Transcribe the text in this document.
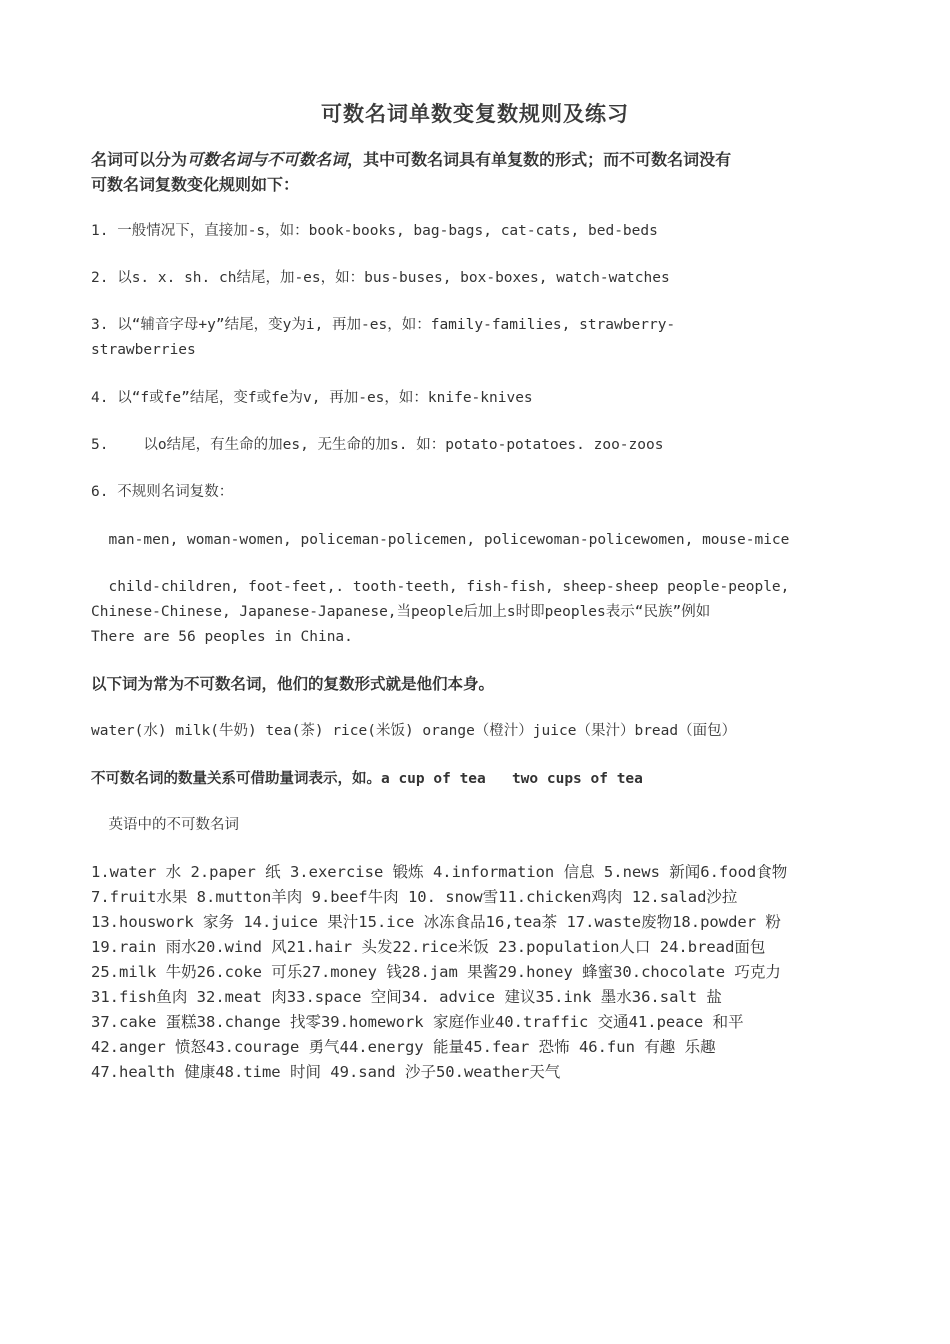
可数名词单数变复数规则及练习
名词可以分为可数名词与不可数名词，其中可数名词具有单复数的形式；而不可数名词没有
可数名词复数变化规则如下：
1. 一般情况下，直接加-s，如：book-books, bag-bags, cat-cats, bed-beds
2. 以s. x. sh. ch结尾，加-es，如：bus-buses, box-boxes, watch-watches
3. 以“辅音字母+y”结尾，变y为i, 再加-es，如：family-families, strawberry-
strawberries
4. 以“f或fe”结尾，变f或fe为v, 再加-es，如：knife-knives
5.    以o结尾，有生命的加es, 无生命的加s. 如：potato-potatoes. zoo-zoos
6. 不规则名词复数：
man-men, woman-women, policeman-policemen, policewoman-policewomen, mouse-mice
child-children, foot-feet,. tooth-teeth, fish-fish, sheep-sheep people-people,
Chinese-Chinese, Japanese-Japanese,当people后加上s时即peoples表示“民族”例如
There are 56 peoples in China.
以下词为常为不可数名词，他们的复数形式就是他们本身。
water(水) milk(牛奶) tea(茶) rice(米饭) orange（橙汁）juice（果汁）bread（面包）
不可数名词的数量关系可借助量词表示，如。a cup of tea   two cups of tea
英语中的不可数名词
1.water 水 2.paper 纸 3.exercise 锻炼 4.information 信息 5.news 新闻6.food食物
7.fruit水果 8.mutton羊肉 9.beef牛肉 10. snow雪11.chicken鸡肉 12.salad沙拉
13.houswork 家务 14.juice 果汁15.ice 冰冻食品16,tea茶 17.waste废物18.powder 粉
19.rain 雨水20.wind 风21.hair 头发22.rice米饭 23.population人口 24.bread面包
25.milk 牛奶26.coke 可乐27.money 钱28.jam 果酱29.honey 蜂蜜30.chocolate 巧克力
31.fish鱼肉 32.meat 肉33.space 空间34. advice 建议35.ink 墨水36.salt 盐
37.cake 蛋糕38.change 找零39.homework 家庭作业40.traffic 交通41.peace 和平
42.anger 愤怒43.courage 勇气44.energy 能量45.fear 恐怖 46.fun 有趣 乐趣
47.health 健康48.time 时间 49.sand 沙子50.weather天气
